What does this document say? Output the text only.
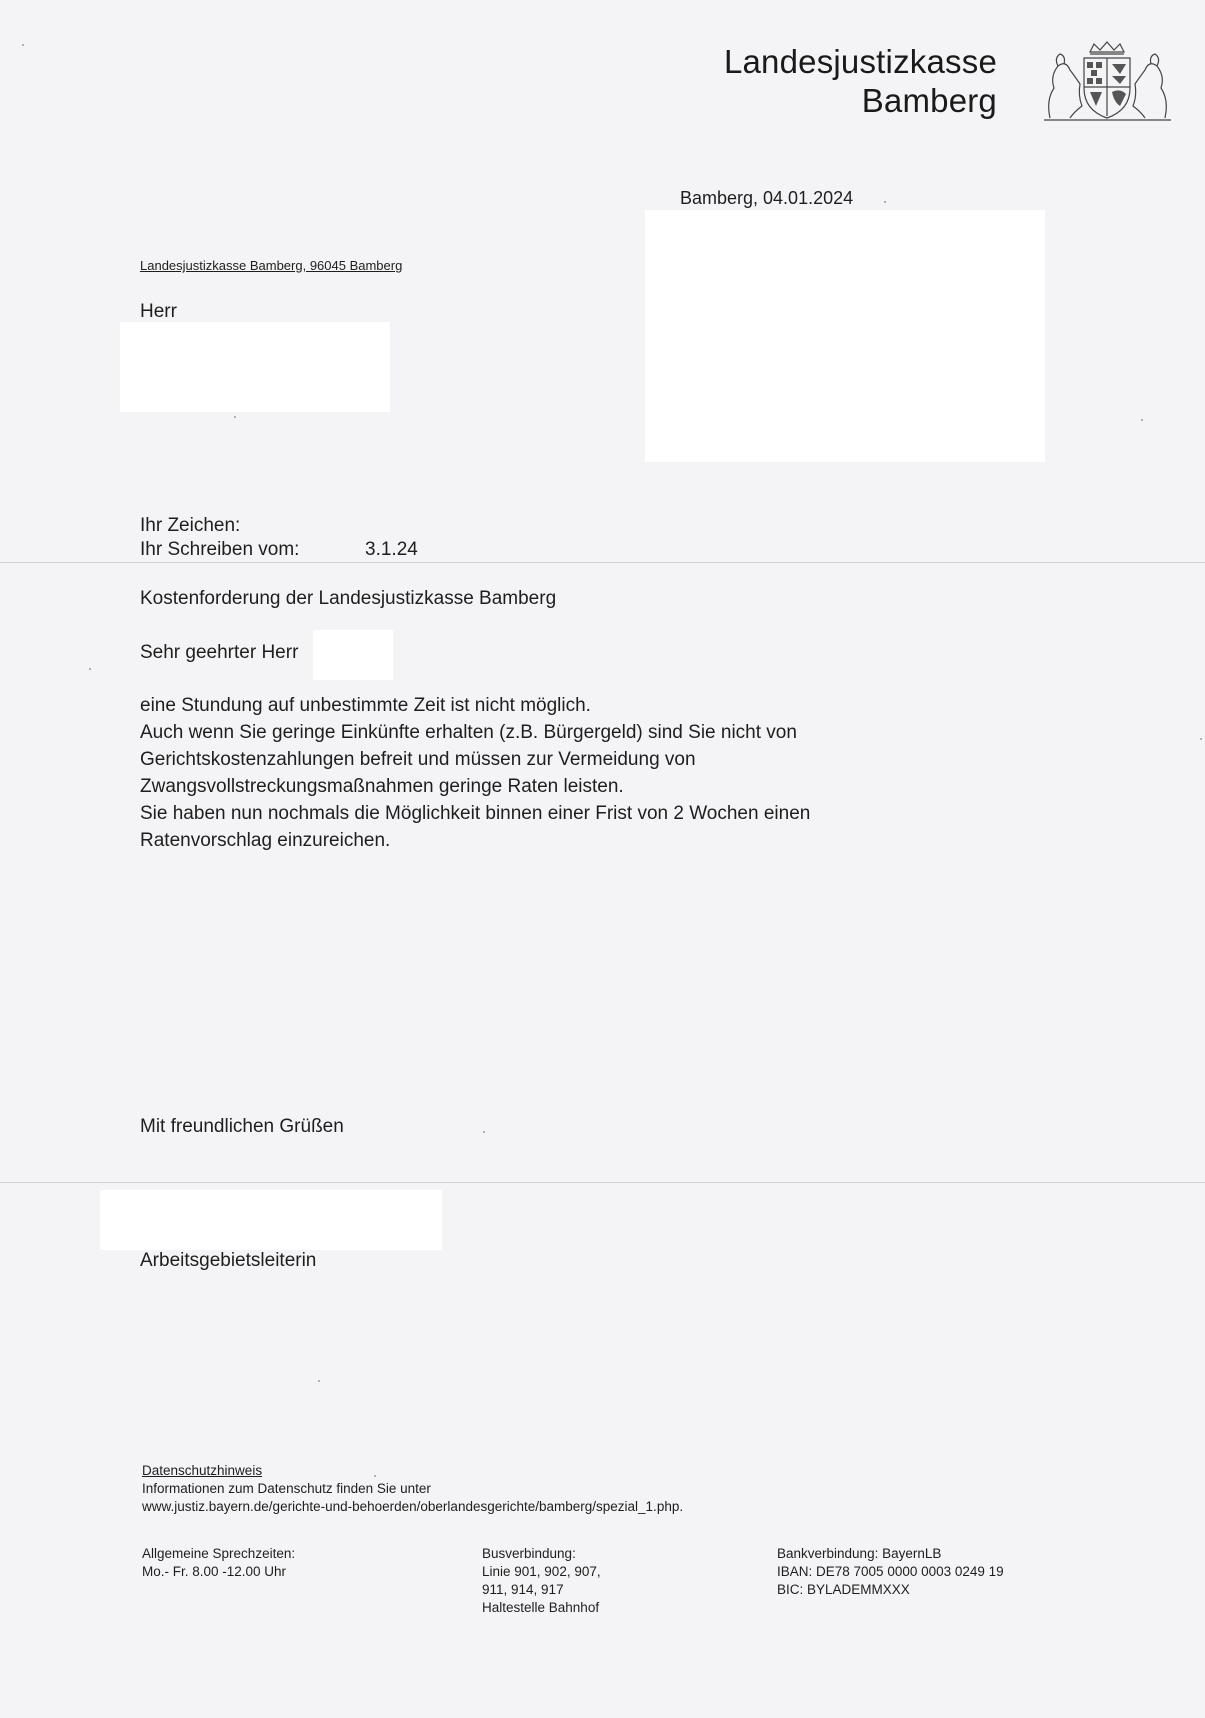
Landesjustizkasse
Bamberg
Bamberg, 04.01.2024
Landesjustizkasse Bamberg, 96045 Bamberg
Herr
Ihr Zeichen:
Ihr Schreiben vom:	3.1.24
Kostenforderung der Landesjustizkasse Bamberg
Sehr geehrter Herr
eine Stundung auf unbestimmte Zeit ist nicht möglich.
Auch wenn Sie geringe Einkünfte erhalten (z.B. Bürgergeld) sind Sie nicht von
Gerichtskostenzahlungen befreit und müssen zur Vermeidung von
Zwangsvollstreckungsmaßnahmen geringe Raten leisten.
Sie haben nun nochmals die Möglichkeit binnen einer Frist von 2 Wochen einen
Ratenvorschlag einzureichen.
Mit freundlichen Grüßen
Arbeitsgebietsleiterin
Datenschutzhinweis
Informationen zum Datenschutz finden Sie unter
www.justiz.bayern.de/gerichte-und-behoerden/oberlandesgerichte/bamberg/spezial_1.php.
Allgemeine Sprechzeiten:
Mo.- Fr. 8.00 -12.00 Uhr
Busverbindung:
Linie 901, 902, 907,
911, 914, 917
Haltestelle Bahnhof
Bankverbindung: BayernLB
IBAN: DE78 7005 0000 0003 0249 19
BIC: BYLADEMMXXX
